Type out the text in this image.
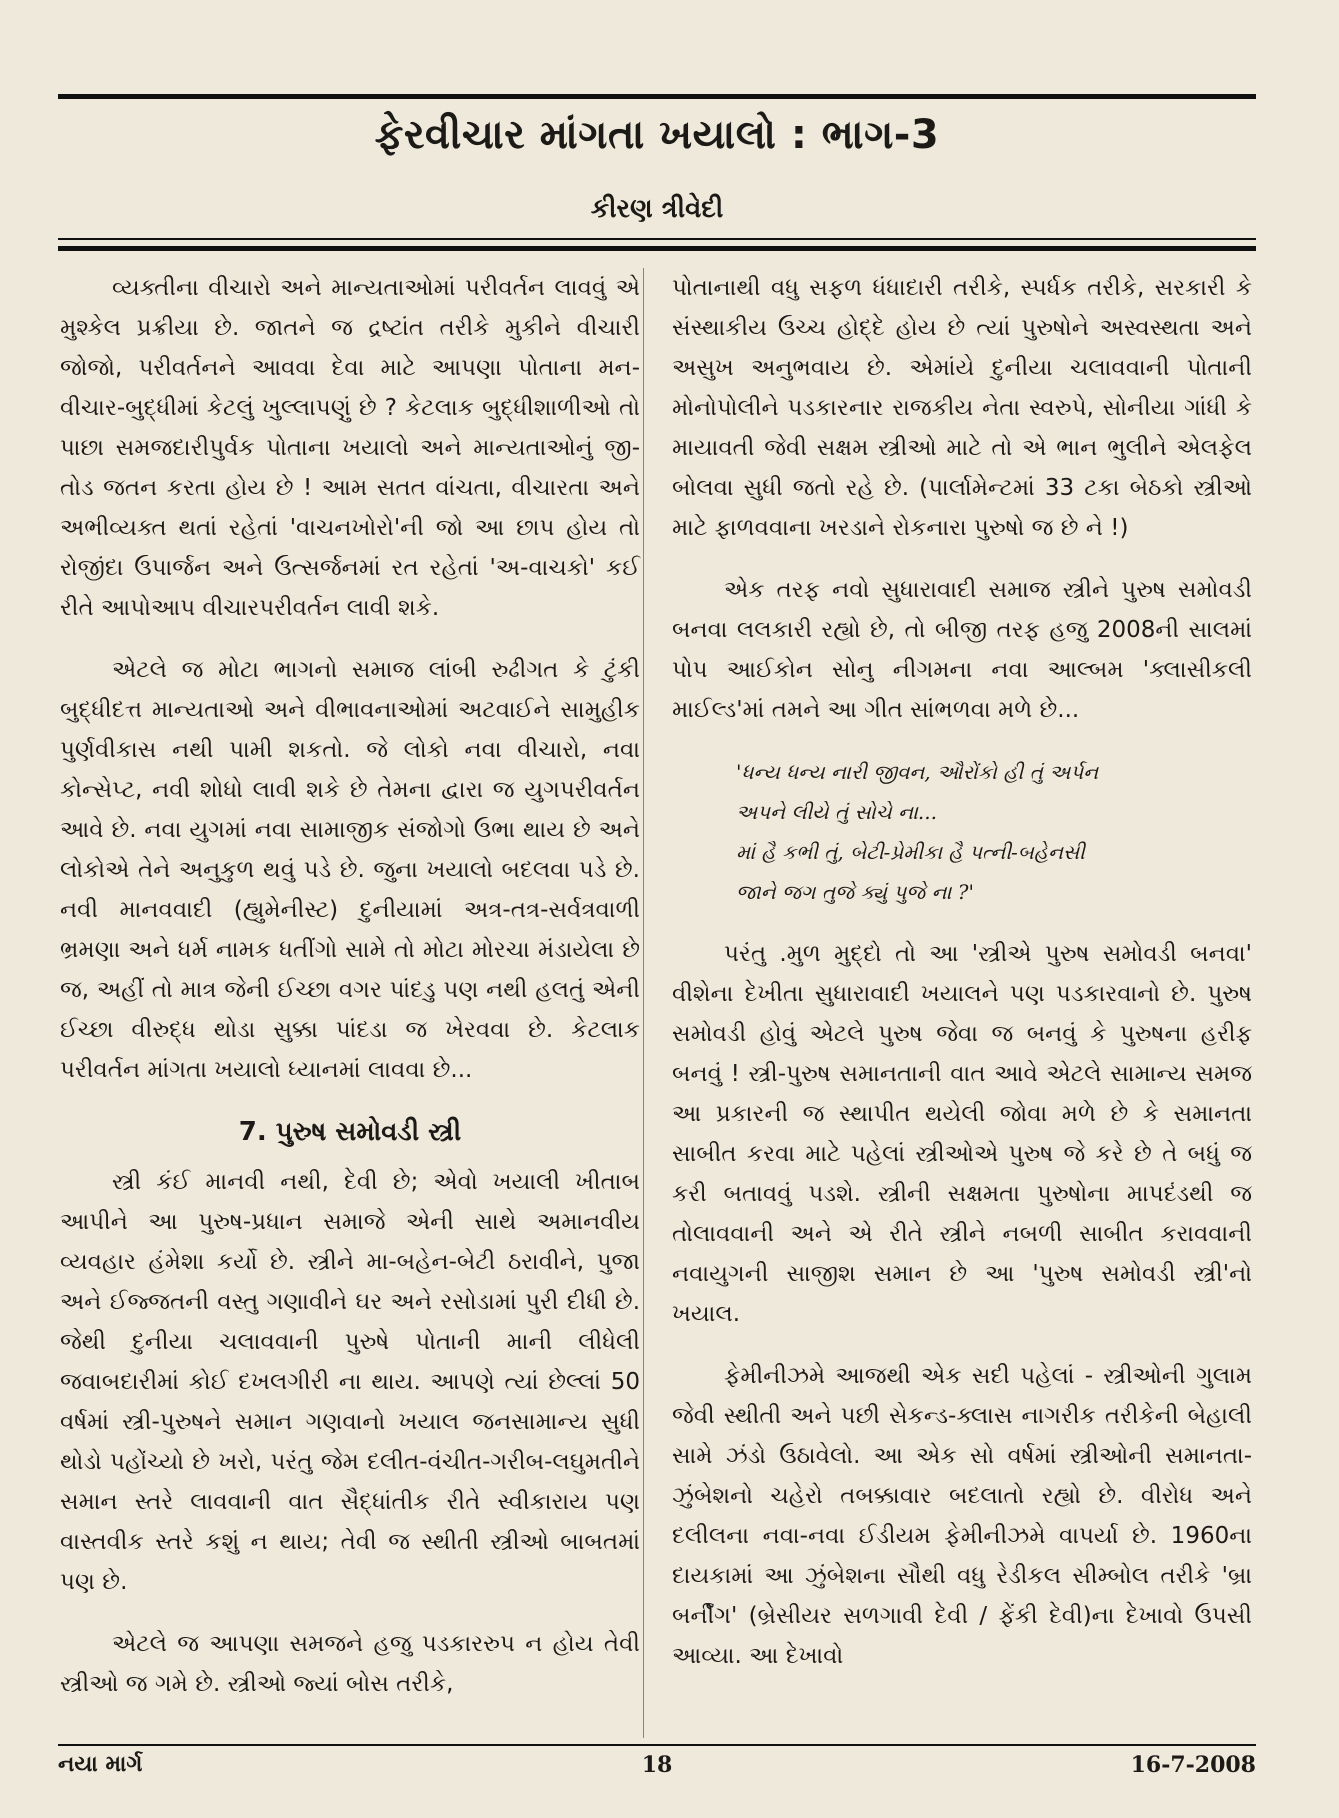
ફેરવીચાર માંગતા ખયાલો : ભાગ-3
કીરણ ત્રીવેદી

વ્યક્તીના વીચારો અને માન્યતાઓમાં પરીવર્તન લાવવું એ મુશ્કેલ પ્રક્રીયા છે. જાતને જ દ્રષ્ટાંત તરીકે મુકીને વીચારી જોજો, પરીવર્તનને આવવા દેવા માટે આપણા પોતાના મન-વીચાર-બુદ્ધીમાં કેટલું ખુલ્લાપણું છે ? કેટલાક બુદ્ધીશાળીઓ તો પાછા સમજદારીપુર્વક પોતાના ખયાલો અને માન્યતાઓનું જી-તોડ જતન કરતા હોય છે ! આમ સતત વાંચતા, વીચારતા અને અભીવ્યક્ત થતાં રહેતાં 'વાચનખોરો'ની જો આ છાપ હોય તો રોજીંદા ઉપાર્જન અને ઉત્સર્જનમાં રત રહેતાં 'અ-વાચકો' કઈ રીતે આપોઆપ વીચારપરીવર્તન લાવી શકે.

એટલે જ મોટા ભાગનો સમાજ લાંબી રુઢીગત કે ટુંકી બુદ્ધીદત્ત માન્યતાઓ અને વીભાવનાઓમાં અટવાઈને સામુહીક પુર્ણવીકાસ નથી પામી શકતો. જે લોકો નવા વીચારો, નવા કોન્સેપ્ટ, નવી શોધો લાવી શકે છે તેમના દ્વારા જ યુગપરીવર્તન આવે છે. નવા યુગમાં નવા સામાજીક સંજોગો ઉભા થાય છે અને લોકોએ તેને અનુકુળ થવું પડે છે. જુના ખયાલો બદલવા પડે છે. નવી માનવવાદી (હ્યુમેનીસ્ટ) દુનીયામાં અત્ર-તત્ર-સર્વત્રવાળી ભ્રમણા અને ધર્મ નામક ધતીંગો સામે તો મોટા મોરચા મંડાયેલા છે જ, અહીં તો માત્ર જેની ઈચ્છા વગર પાંદડુ પણ નથી હલતું એની ઈચ્છા વીરુદ્ધ થોડા સુક્કા પાંદડા જ ખેરવવા છે. કેટલાક પરીવર્તન માંગતા ખયાલો ધ્યાનમાં લાવવા છે...

7. પુરુષ સમોવડી સ્ત્રી

સ્ત્રી કંઈ માનવી નથી, દેવી છે; એવો ખયાલી ખીતાબ આપીને આ પુરુષ-પ્રધાન સમાજે એની સાથે અમાનવીય વ્યવહાર હંમેશા કર્યો છે. સ્ત્રીને મા-બહેન-બેટી ઠરાવીને, પુજા અને ઈજ્જતની વસ્તુ ગણાવીને ઘર અને રસોડામાં પુરી દીધી છે. જેથી દુનીયા ચલાવવાની પુરુષે પોતાની માની લીધેલી જવાબદારીમાં કોઈ દખલગીરી ના થાય. આપણે ત્યાં છેલ્લાં 50 વર્ષમાં સ્ત્રી-પુરુષને સમાન ગણવાનો ખયાલ જનસામાન્ય સુધી થોડો પહોંચ્યો છે ખરો, પરંતુ જેમ દલીત-વંચીત-ગરીબ-લઘુમતીને સમાન સ્તરે લાવવાની વાત સૈદ્ધાંતીક રીતે સ્વીકારાય પણ વાસ્તવીક સ્તરે કશું ન થાય; તેવી જ સ્થીતી સ્ત્રીઓ બાબતમાં પણ છે.

એટલે જ આપણા સમજને હજુ પડકારરુપ ન હોય તેવી સ્ત્રીઓ જ ગમે છે. સ્ત્રીઓ જ્યાં બોસ તરીકે,

પોતાનાથી વધુ સફળ ધંધાદારી તરીકે, સ્પર્ધક તરીકે, સરકારી કે સંસ્થાકીય ઉચ્ચ હોદ્દે હોય છે ત્યાં પુરુષોને અસ્વસ્થતા અને અસુખ અનુભવાય છે. એમાંયે દુનીયા ચલાવવાની પોતાની મોનોપોલીને પડકારનાર રાજકીય નેતા સ્વરુપે, સોનીયા ગાંધી કે માયાવતી જેવી સક્ષમ સ્ત્રીઓ માટે તો એ ભાન ભુલીને એલફેલ બોલવા સુધી જતો રહે છે. (પાર્લામેન્ટમાં 33 ટકા બેઠકો સ્ત્રીઓ માટે ફાળવવાના ખરડાને રોકનારા પુરુષો જ છે ને !)

એક તરફ નવો સુધારાવાદી સમાજ સ્ત્રીને પુરુષ સમોવડી બનવા લલકારી રહ્યો છે, તો બીજી તરફ હજુ 2008ની સાલમાં પોપ આઈકોન સોનુ નીગમના નવા આલ્બમ 'ક્લાસીકલી માઈલ્ડ'માં તમને આ ગીત સાંભળવા મળે છે...

'ધન્ય ધન્ય નારી જીવન, ઔરોંકો હી તું અર્પન
અપને લીયે તું સોચે ના...
માં હૈ કભી તું, બેટી-પ્રેમીકા હૈ પત્ની-બહેનસી
જાને જગ તુજે ક્યું પુજે ના ?'

પરંતુ .મુળ મુદ્દો તો આ 'સ્ત્રીએ પુરુષ સમોવડી બનવા' વીશેના દેખીતા સુધારાવાદી ખયાલને પણ પડકારવાનો છે. પુરુષ સમોવડી હોવું એટલે પુરુષ જેવા જ બનવું કે પુરુષના હરીફ બનવું ! સ્ત્રી-પુરુષ સમાનતાની વાત આવે એટલે સામાન્ય સમજ આ પ્રકારની જ સ્થાપીત થયેલી જોવા મળે છે કે સમાનતા સાબીત કરવા માટે પહેલાં સ્ત્રીઓએ પુરુષ જે કરે છે તે બધું જ કરી બતાવવું પડશે. સ્ત્રીની સક્ષમતા પુરુષોના માપદંડથી જ તોલાવવાની અને એ રીતે સ્ત્રીને નબળી સાબીત કરાવવાની નવાયુગની સાજીશ સમાન છે આ 'પુરુષ સમોવડી સ્ત્રી'નો ખયાલ.

ફેમીનીઝમે આજથી એક સદી પહેલાં - સ્ત્રીઓની ગુલામ જેવી સ્થીતી અને પછી સેકન્ડ-ક્લાસ નાગરીક તરીકેની બેહાલી સામે ઝંડો ઉઠાવેલો. આ એક સો વર્ષમાં સ્ત્રીઓની સમાનતા-ઝુંબેશનો ચહેરો તબક્કાવાર બદલાતો રહ્યો છે. વીરોધ અને દલીલના નવા-નવા ઈડીયમ ફેમીનીઝમે વાપર્યા છે. 1960ના દાયકામાં આ ઝુંબેશના સૌથી વધુ રેડીકલ સીમ્બોલ તરીકે 'બ્રા બર્નીંગ' (બ્રેસીયર સળગાવી દેવી / ફેંકી દેવી)ના દેખાવો ઉપસી આવ્યા. આ દેખાવો

નયા માર્ગ	18	16-7-2008
